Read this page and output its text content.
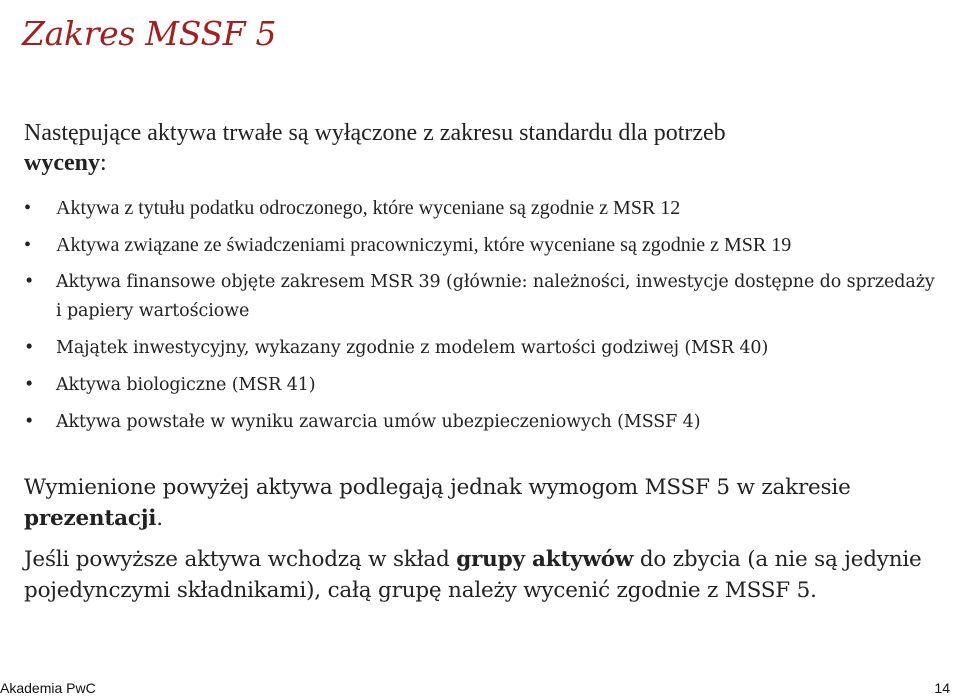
Zakres MSSF 5

Następujące aktywa trwałe są wyłączone z zakresu standardu dla potrzeb
wyceny:

•	Aktywa z tytułu podatku odroczonego, które wyceniane są zgodnie z MSR 12
•	Aktywa związane ze świadczeniami pracowniczymi, które wyceniane są zgodnie z MSR 19
• Aktywa finansowe objęte zakresem MSR 39 (głównie: należności, inwestycje dostępne do sprzedaży i papiery wartościowe
• Majątek inwestycyjny, wykazany zgodnie z modelem wartości godziwej (MSR 40)
• Aktywa biologiczne (MSR 41)
• Aktywa powstałe w wyniku zawarcia umów ubezpieczeniowych (MSSF 4)

Wymienione powyżej aktywa podlegają jednak wymogom MSSF 5 w zakresie prezentacji.

Jeśli powyższe aktywa wchodzą w skład grupy aktywów do zbycia (a nie są jedynie pojedynczymi składnikami), całą grupę należy wycenić zgodnie z MSSF 5.

Akademia PwC	14
